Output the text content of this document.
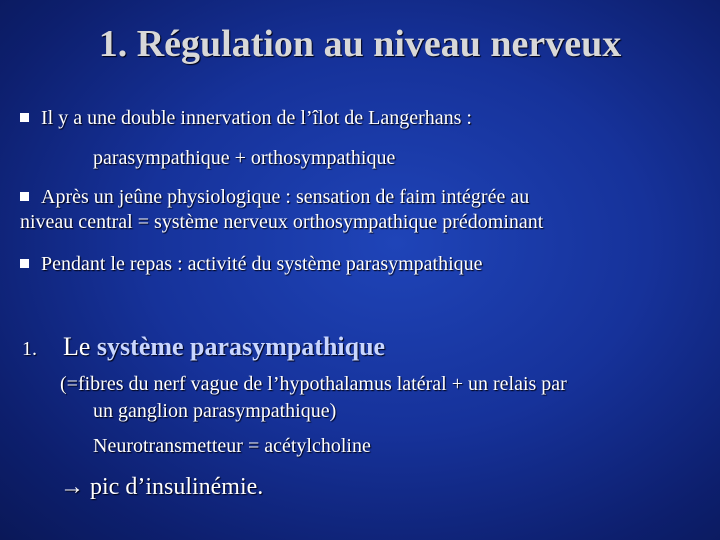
1. Régulation au niveau nerveux
Il y a une double innervation de l’îlot de Langerhans :
parasympathique + orthosympathique
Après un jeûne physiologique : sensation de faim intégrée au
niveau central = système nerveux orthosympathique prédominant
Pendant le repas : activité du système parasympathique
1. Le système parasympathique
(=fibres du nerf vague de l’hypothalamus latéral + un relais par
un ganglion parasympathique)
Neurotransmetteur = acétylcholine
→ pic d’insulinémie.
